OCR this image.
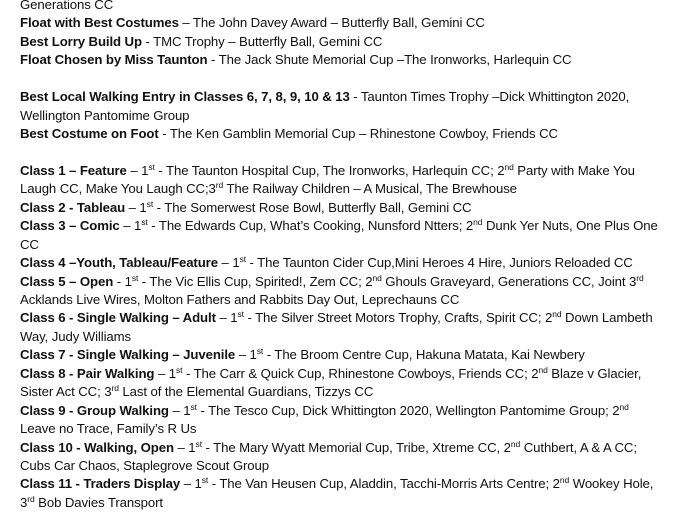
Generations CC
Float with Best Costumes – The John Davey Award – Butterfly Ball, Gemini CC
Best Lorry Build Up - TMC Trophy – Butterfly Ball, Gemini CC
Float Chosen by Miss Taunton - The Jack Shute Memorial Cup –The Ironworks, Harlequin CC
Best Local Walking Entry in Classes 6, 7, 8, 9, 10 & 13 - Taunton Times Trophy –Dick Whittington 2020,
Wellington Pantomime Group
Best Costume on Foot - The Ken Gamblin Memorial Cup – Rhinestone Cowboy, Friends CC
Class 1 – Feature – 1st - The Taunton Hospital Cup, The Ironworks, Harlequin CC; 2nd Party with Make You
Laugh CC, Make You Laugh CC;3rd The Railway Children – A Musical, The Brewhouse
Class 2 - Tableau – 1st - The Somerwest Rose Bowl, Butterfly Ball, Gemini CC
Class 3 – Comic – 1st - The Edwards Cup, What’s Cooking, Nunsford Ntters; 2nd Dunk Yer Nuts, One Plus One
CC
Class 4 –Youth, Tableau/Feature – 1st - The Taunton Cider Cup,Mini Heroes 4 Hire, Juniors Reloaded CC
Class 5 – Open - 1st - The Vic Ellis Cup, Spirited!, Zem CC; 2nd Ghouls Graveyard, Generations CC, Joint 3rd
Acklands Live Wires, Molton Fathers and Rabbits Day Out, Leprechauns CC
Class 6 - Single Walking – Adult – 1st - The Silver Street Motors Trophy, Crafts, Spirit CC; 2nd Down Lambeth
Way, Judy Williams
Class 7 - Single Walking – Juvenile – 1st - The Broom Centre Cup, Hakuna Matata, Kai Newbery
Class 8 - Pair Walking – 1st - The Carr & Quick Cup, Rhinestone Cowboys, Friends CC; 2nd Blaze v Glacier,
Sister Act CC; 3rd Last of the Elemental Guardians, Tizzys CC
Class 9 - Group Walking – 1st - The Tesco Cup, Dick Whittington 2020, Wellington Pantomime Group; 2nd
Leave no Trace, Family’s R Us
Class 10 - Walking, Open – 1st - The Mary Wyatt Memorial Cup, Tribe, Xtreme CC, 2nd Cuthbert, A & A CC;
Cubs Car Chaos, Staplegrove Scout Group
Class 11 - Traders Display – 1st - The Van Heusen Cup, Aladdin, Tacchi-Morris Arts Centre; 2nd Wookey Hole,
3rd Bob Davies Transport
